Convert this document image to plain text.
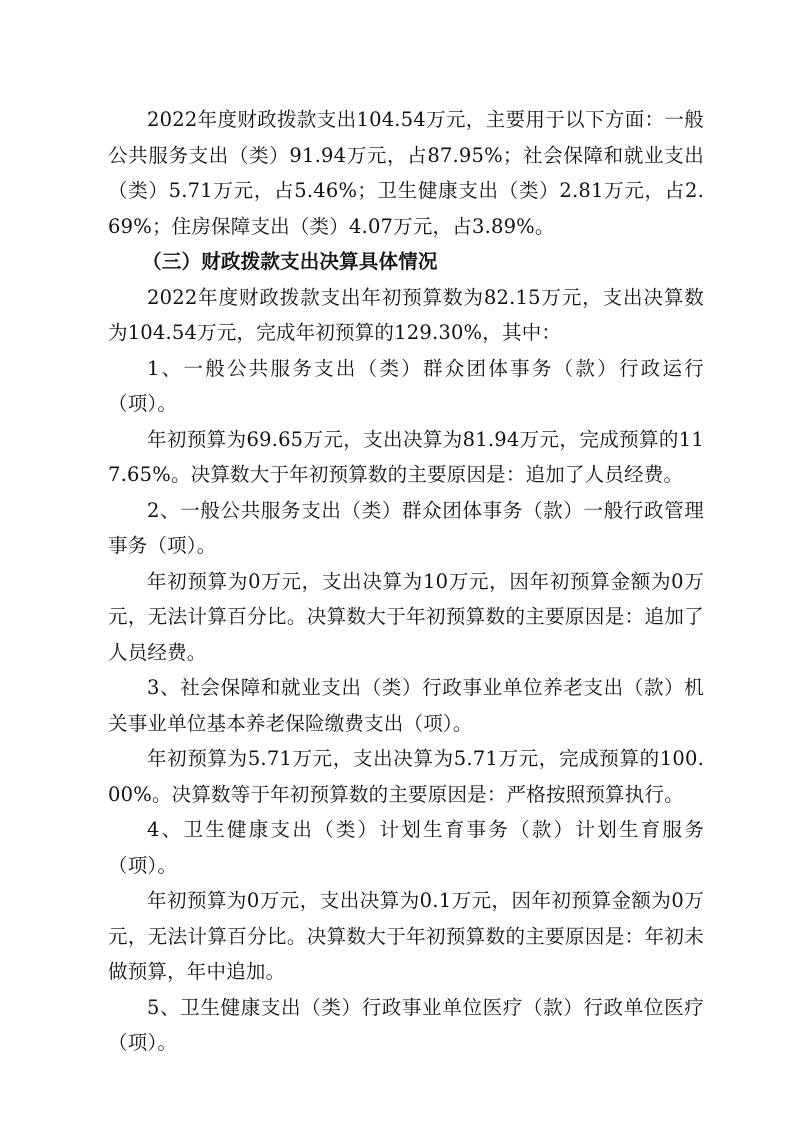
2022年度财政拨款支出104.54万元，主要用于以下方面：一般公共服务支出（类）91.94万元，占87.95%；社会保障和就业支出（类）5.71万元，占5.46%；卫生健康支出（类）2.81万元，占2.69%；住房保障支出（类）4.07万元，占3.89%。

（三）财政拨款支出决算具体情况

2022年度财政拨款支出年初预算数为82.15万元，支出决算数为104.54万元，完成年初预算的129.30%，其中：

1、一般公共服务支出（类）群众团体事务（款）行政运行（项）。

年初预算为69.65万元，支出决算为81.94万元，完成预算的117.65%。决算数大于年初预算数的主要原因是：追加了人员经费。

2、一般公共服务支出（类）群众团体事务（款）一般行政管理事务（项）。

年初预算为0万元，支出决算为10万元，因年初预算金额为0万元，无法计算百分比。决算数大于年初预算数的主要原因是：追加了人员经费。

3、社会保障和就业支出（类）行政事业单位养老支出（款）机关事业单位基本养老保险缴费支出（项）。

年初预算为5.71万元，支出决算为5.71万元，完成预算的100.00%。决算数等于年初预算数的主要原因是：严格按照预算执行。

4、卫生健康支出（类）计划生育事务（款）计划生育服务（项）。

年初预算为0万元，支出决算为0.1万元，因年初预算金额为0万元，无法计算百分比。决算数大于年初预算数的主要原因是：年初未做预算，年中追加。

5、卫生健康支出（类）行政事业单位医疗（款）行政单位医疗（项）。
